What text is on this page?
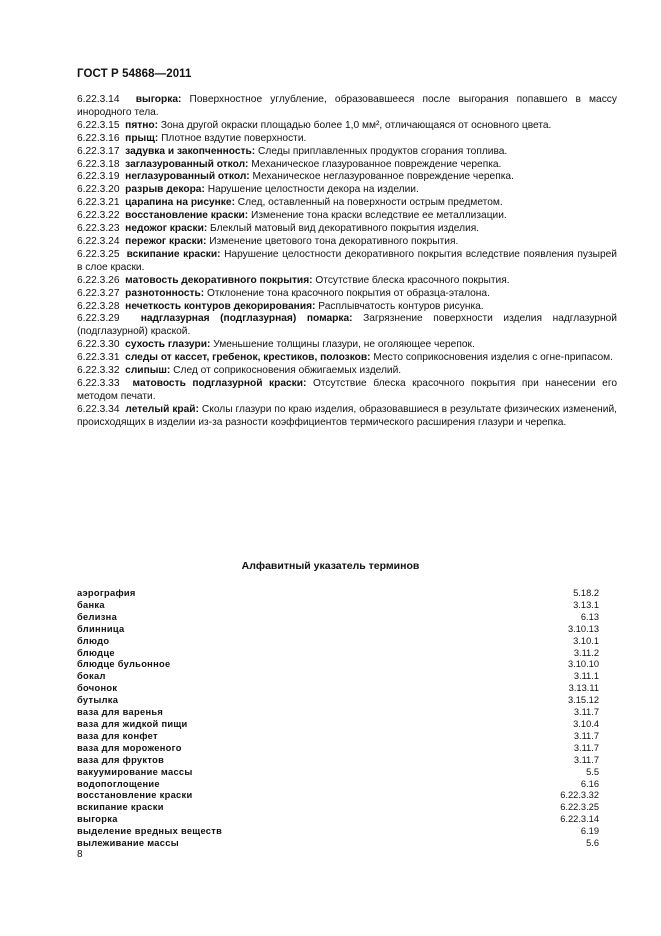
ГОСТ Р 54868—2011

6.22.3.14 выгорка: Поверхностное углубление, образовавшееся после выгорания попавшего в массу инородного тела.

6.22.3.15 пятно: Зона другой окраски площадью более 1,0 мм², отличающаяся от основного цвета.

6.22.3.16 прыщ: Плотное вздутие поверхности.

6.22.3.17 задувка и закопченность: Следы приплавленных продуктов сгорания топлива.

6.22.3.18 заглазурованный откол: Механическое глазурованное повреждение черепка.

6.22.3.19 неглазурованный откол: Механическое неглазурованное повреждение черепка.

6.22.3.20 разрыв декора: Нарушение целостности декора на изделии.

6.22.3.21 царапина на рисунке: След, оставленный на поверхности острым предметом.

6.22.3.22 восстановление краски: Изменение тона краски вследствие ее металлизации.

6.22.3.23 недожог краски: Блеклый матовый вид декоративного покрытия изделия.

6.22.3.24 пережог краски: Изменение цветового тона декоративного покрытия.

6.22.3.25 вскипание краски: Нарушение целостности декоративного покрытия вследствие появления пузырей в слое краски.

6.22.3.26 матовость декоративного покрытия: Отсутствие блеска красочного покрытия.

6.22.3.27 разнотонность: Отклонение тона красочного покрытия от образца-эталона.

6.22.3.28 нечеткость контуров декорирования: Расплывчатость контуров рисунка.

6.22.3.29 надглазурная (подглазурная) помарка: Загрязнение поверхности изделия надглазурной (подглазурной) краской.

6.22.3.30 сухость глазури: Уменьшение толщины глазури, не оголяющее черепок.

6.22.3.31 следы от кассет, гребенок, крестиков, полозков: Место соприкосновения изделия с огне-припасом.

6.22.3.32 слипыш: След от соприкосновения обжигаемых изделий.

6.22.3.33 матовость подглазурной краски: Отсутствие блеска красочного покрытия при нанесении его методом печати.

6.22.3.34 летелый край: Сколы глазури по краю изделия, образовавшиеся в результате физических изменений, происходящих в изделии из-за разности коэффициентов термического расширения глазури и черепка.

Алфавитный указатель терминов
аэрография	5.18.2
банка	3.13.1
белизна	6.13
блинница	3.10.13
блюдо	3.10.1
блюдце	3.11.2
блюдце бульонное	3.10.10
бокал	3.11.1
бочонок	3.13.11
бутылка	3.15.12
ваза для варенья	3.11.7
ваза для жидкой пищи	3.10.4
ваза для конфет	3.11.7
ваза для мороженого	3.11.7
ваза для фруктов	3.11.7
вакуумирование массы	5.5
водопоглощение	6.16
восстановление краски	6.22.3.32
вскипание краски	6.22.3.25
выгорка	6.22.3.14
выделение вредных веществ	6.19
вылеживание массы	5.6
8
